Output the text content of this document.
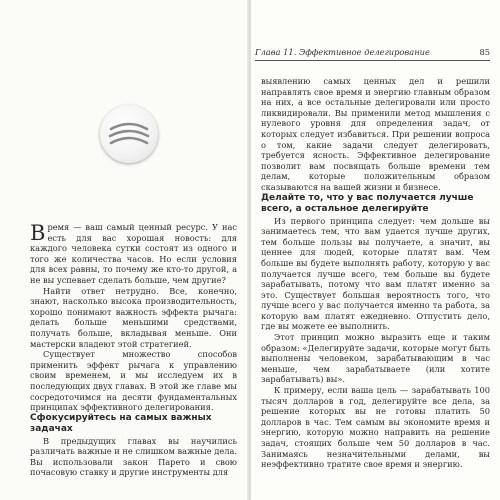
Время — ваш самый ценный ресурс. У нас есть для вас хорошая новость: для каждого человека сутки состоят из одного и того же количества часов. Но если условия для всех равны, то почему же кто-то другой, а не вы успевает сделать больше, чем другие?

Найти ответ нетрудно. Все, конечно, знают, насколько высока производительность, хорошо понимают важность эффекта рычага: делать больше меньшими средствами, получать больше, вкладывая меньше. Они мастерски владеют этой стратегией.

Существует множество способов применить эффект рычага к управлению своим временем, и мы исследуем их в последующих двух главах. В этой же главе мы сосредоточимся на десяти фундаментальных принципах эффективного делегирования.

Сфокусируйтесь на самых важных задачах

В предыдущих главах вы научились различать важные и не слишком важные дела. Вы использовали закон Парето и свою почасовую ставку и другие инструменты для

Глава 11. Эффективное делегирование	85

выявлению самых ценных дел и решили направлять свое время и энергию главным образом на них, а все остальные делегировали или просто ликвидировали. Вы применили метод мышления с нулевого уровня для определения задач, от которых следует избавиться. При решении вопроса о том, какие задачи следует делегировать, требуется ясность. Эффективное делегирование позволит вам посвящать больше времени тем делам, которые положительным образом сказываются на вашей жизни и бизнесе.

Делайте то, что у вас получается лучше всего, а остальное делегируйте

Из первого принципа следует: чем дольше вы занимаетесь тем, что вам удается лучше других, тем больше пользы вы получаете, а значит, вы ценнее для людей, которые платят вам. Чем больше вы будете выполнять работу, которую у вас получается лучше всего, тем больше вы будете зарабатывать, потому что вам платят именно за это. Существует большая вероятность того, что лучше всего у вас получается именно та работа, за которую вам платят ежедневно. Отпустить дело, где вы можете ее выполнить.

Этот принцип можно выразить еще и таким образом: «Делегируйте задачи, которые могут быть выполнены человеком, зарабатывающим в час меньше, чем зарабатываете (или хотите зарабатывать) вы».

К примеру, если ваша цель — зарабатывать 100 тысяч долларов в год, делегируйте все дела, за решение которых вы не готовы платить 50 долларов в час. Тем самым вы экономите время и энергию, которую можно направить на решение задач, стоящих больше чем 50 долларов в час. Занимаясь незначительными делами, вы неэффективно тратите свое время и энергию.
